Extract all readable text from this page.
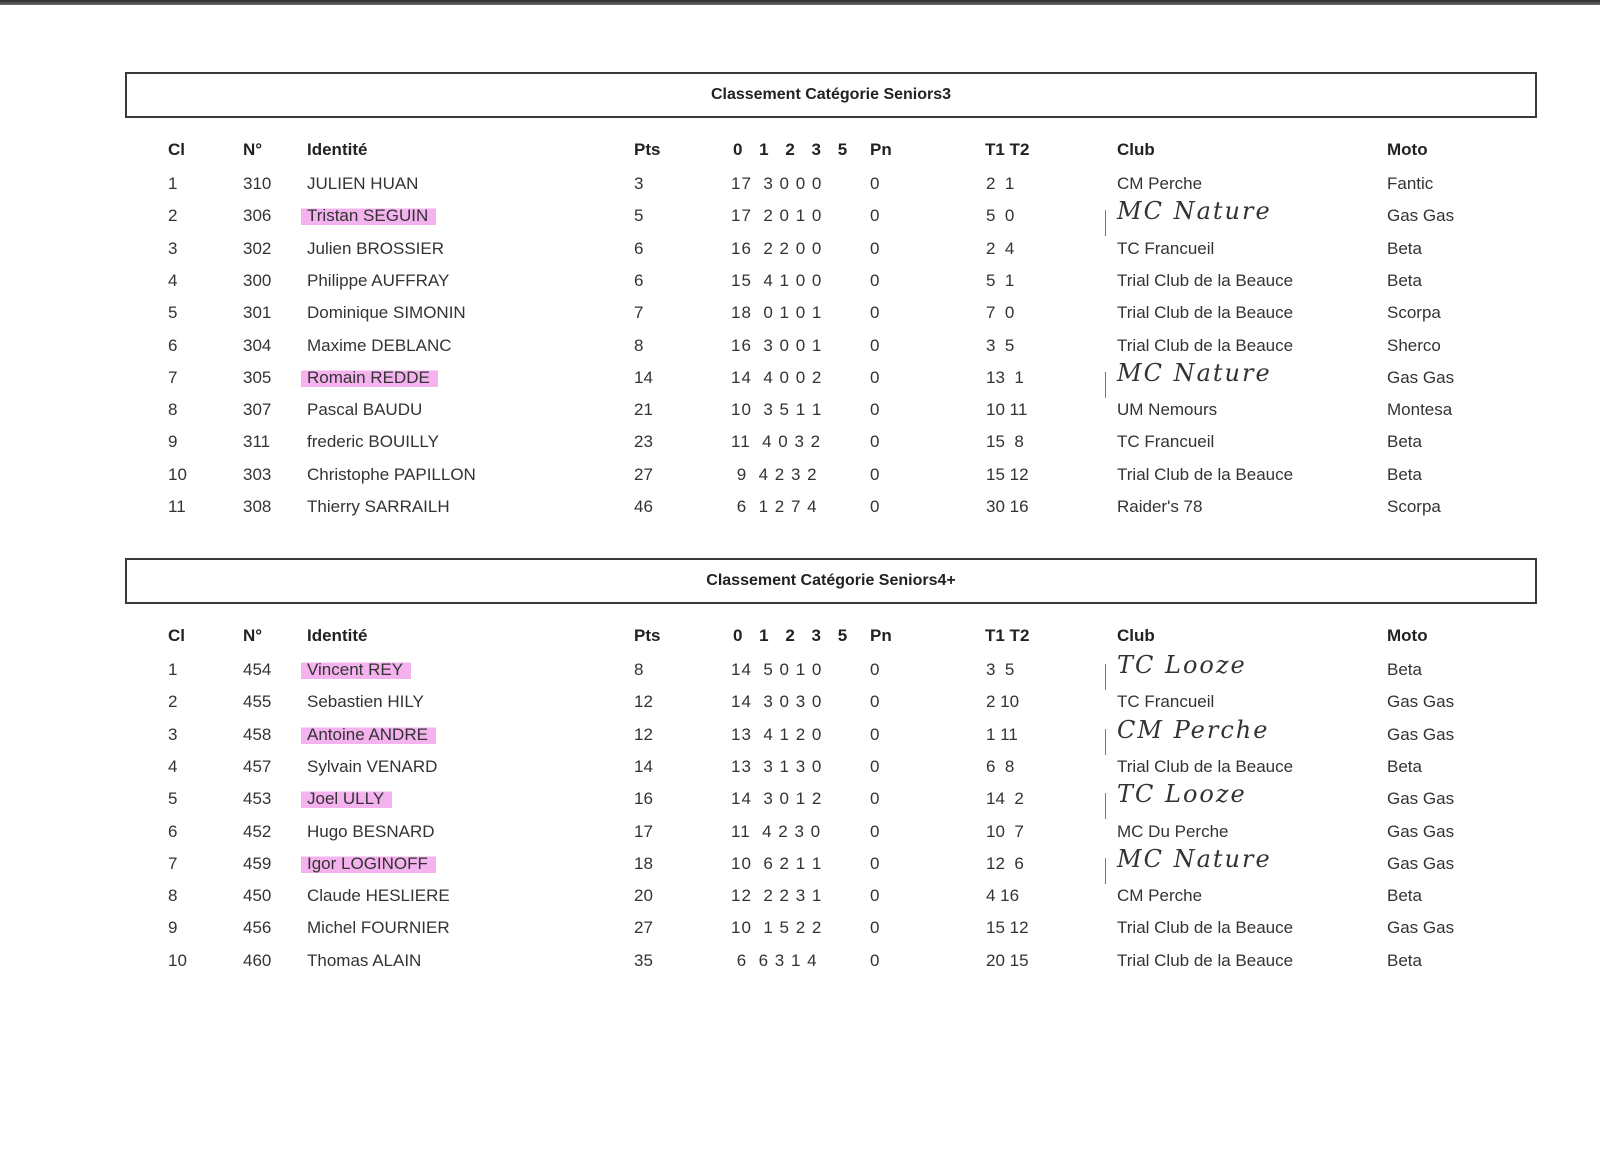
Classement Catégorie Seniors3
Cl	N°	Identité	Pts	0 1 2 3 5 Pn	T1 T2	Club	Moto
1	310 JULIEN HUAN	3	17  3 0 0 0	0	2  1	CM Perche	Fantic
2	306	Tristan SEGUIN	5	17  2 0 1 0	0	5  0	MC Nature	Gas Gas
3	302 Julien BROSSIER	6	16  2 2 0 0	0	2  4	TC Francueil	Beta
4	300 Philippe AUFFRAY	6	15  4 1 0 0	0	5  1	Trial Club de la Beauce	Beta
5	301 Dominique SIMONIN	7	18  0 1 0 1	0	7  0	Trial Club de la Beauce	Scorpa
6	304 Maxime DEBLANC	8	16  3 0 0 1	0	3  5	Trial Club de la Beauce	Sherco
7	305	Romain REDDE	14	14  4 0 0 2	0	13  1	MC Nature	Gas Gas
8	307 Pascal BAUDU	21	10  3 5 1 1	0	10 11	UM Nemours	Montesa
9	311 frederic BOUILLY	23	11  4 0 3 2	0	15  8	TC Francueil	Beta
10	303 Christophe PAPILLON	27	9  4 2 3 2	0	15 12	Trial Club de la Beauce	Beta
11	308 Thierry SARRAILH	46	6  1 2 7 4	0	30 16	Raider's 78	Scorpa
Classement Catégorie Seniors4+
Cl	N°	Identité	Pts	0 1 2 3 5 Pn	T1 T2	Club	Moto
1	454	Vincent REY	8	14  5 0 1 0	0	3  5	TC Looze	Beta
2	455 Sebastien HILY	12	14  3 0 3 0	0	2 10	TC Francueil	Gas Gas
3	458	Antoine ANDRE	12	13  4 1 2 0	0	1 11	CM Perche	Gas Gas
4	457 Sylvain VENARD	14	13  3 1 3 0	0	6  8	Trial Club de la Beauce	Beta
5	453	Joel ULLY	16	14  3 0 1 2	0	14  2	TC Looze	Gas Gas
6	452 Hugo BESNARD	17	11  4 2 3 0	0	10  7	MC Du Perche	Gas Gas
7	459	Igor LOGINOFF	18	10  6 2 1 1	0	12  6	MC Nature	Gas Gas
8	450 Claude HESLIERE	20	12  2 2 3 1	0	4 16	CM Perche	Beta
9	456 Michel FOURNIER	27	10  1 5 2 2	0	15 12	Trial Club de la Beauce	Gas Gas
10	460 Thomas ALAIN	35	6  6 3 1 4	0	20 15	Trial Club de la Beauce	Beta
